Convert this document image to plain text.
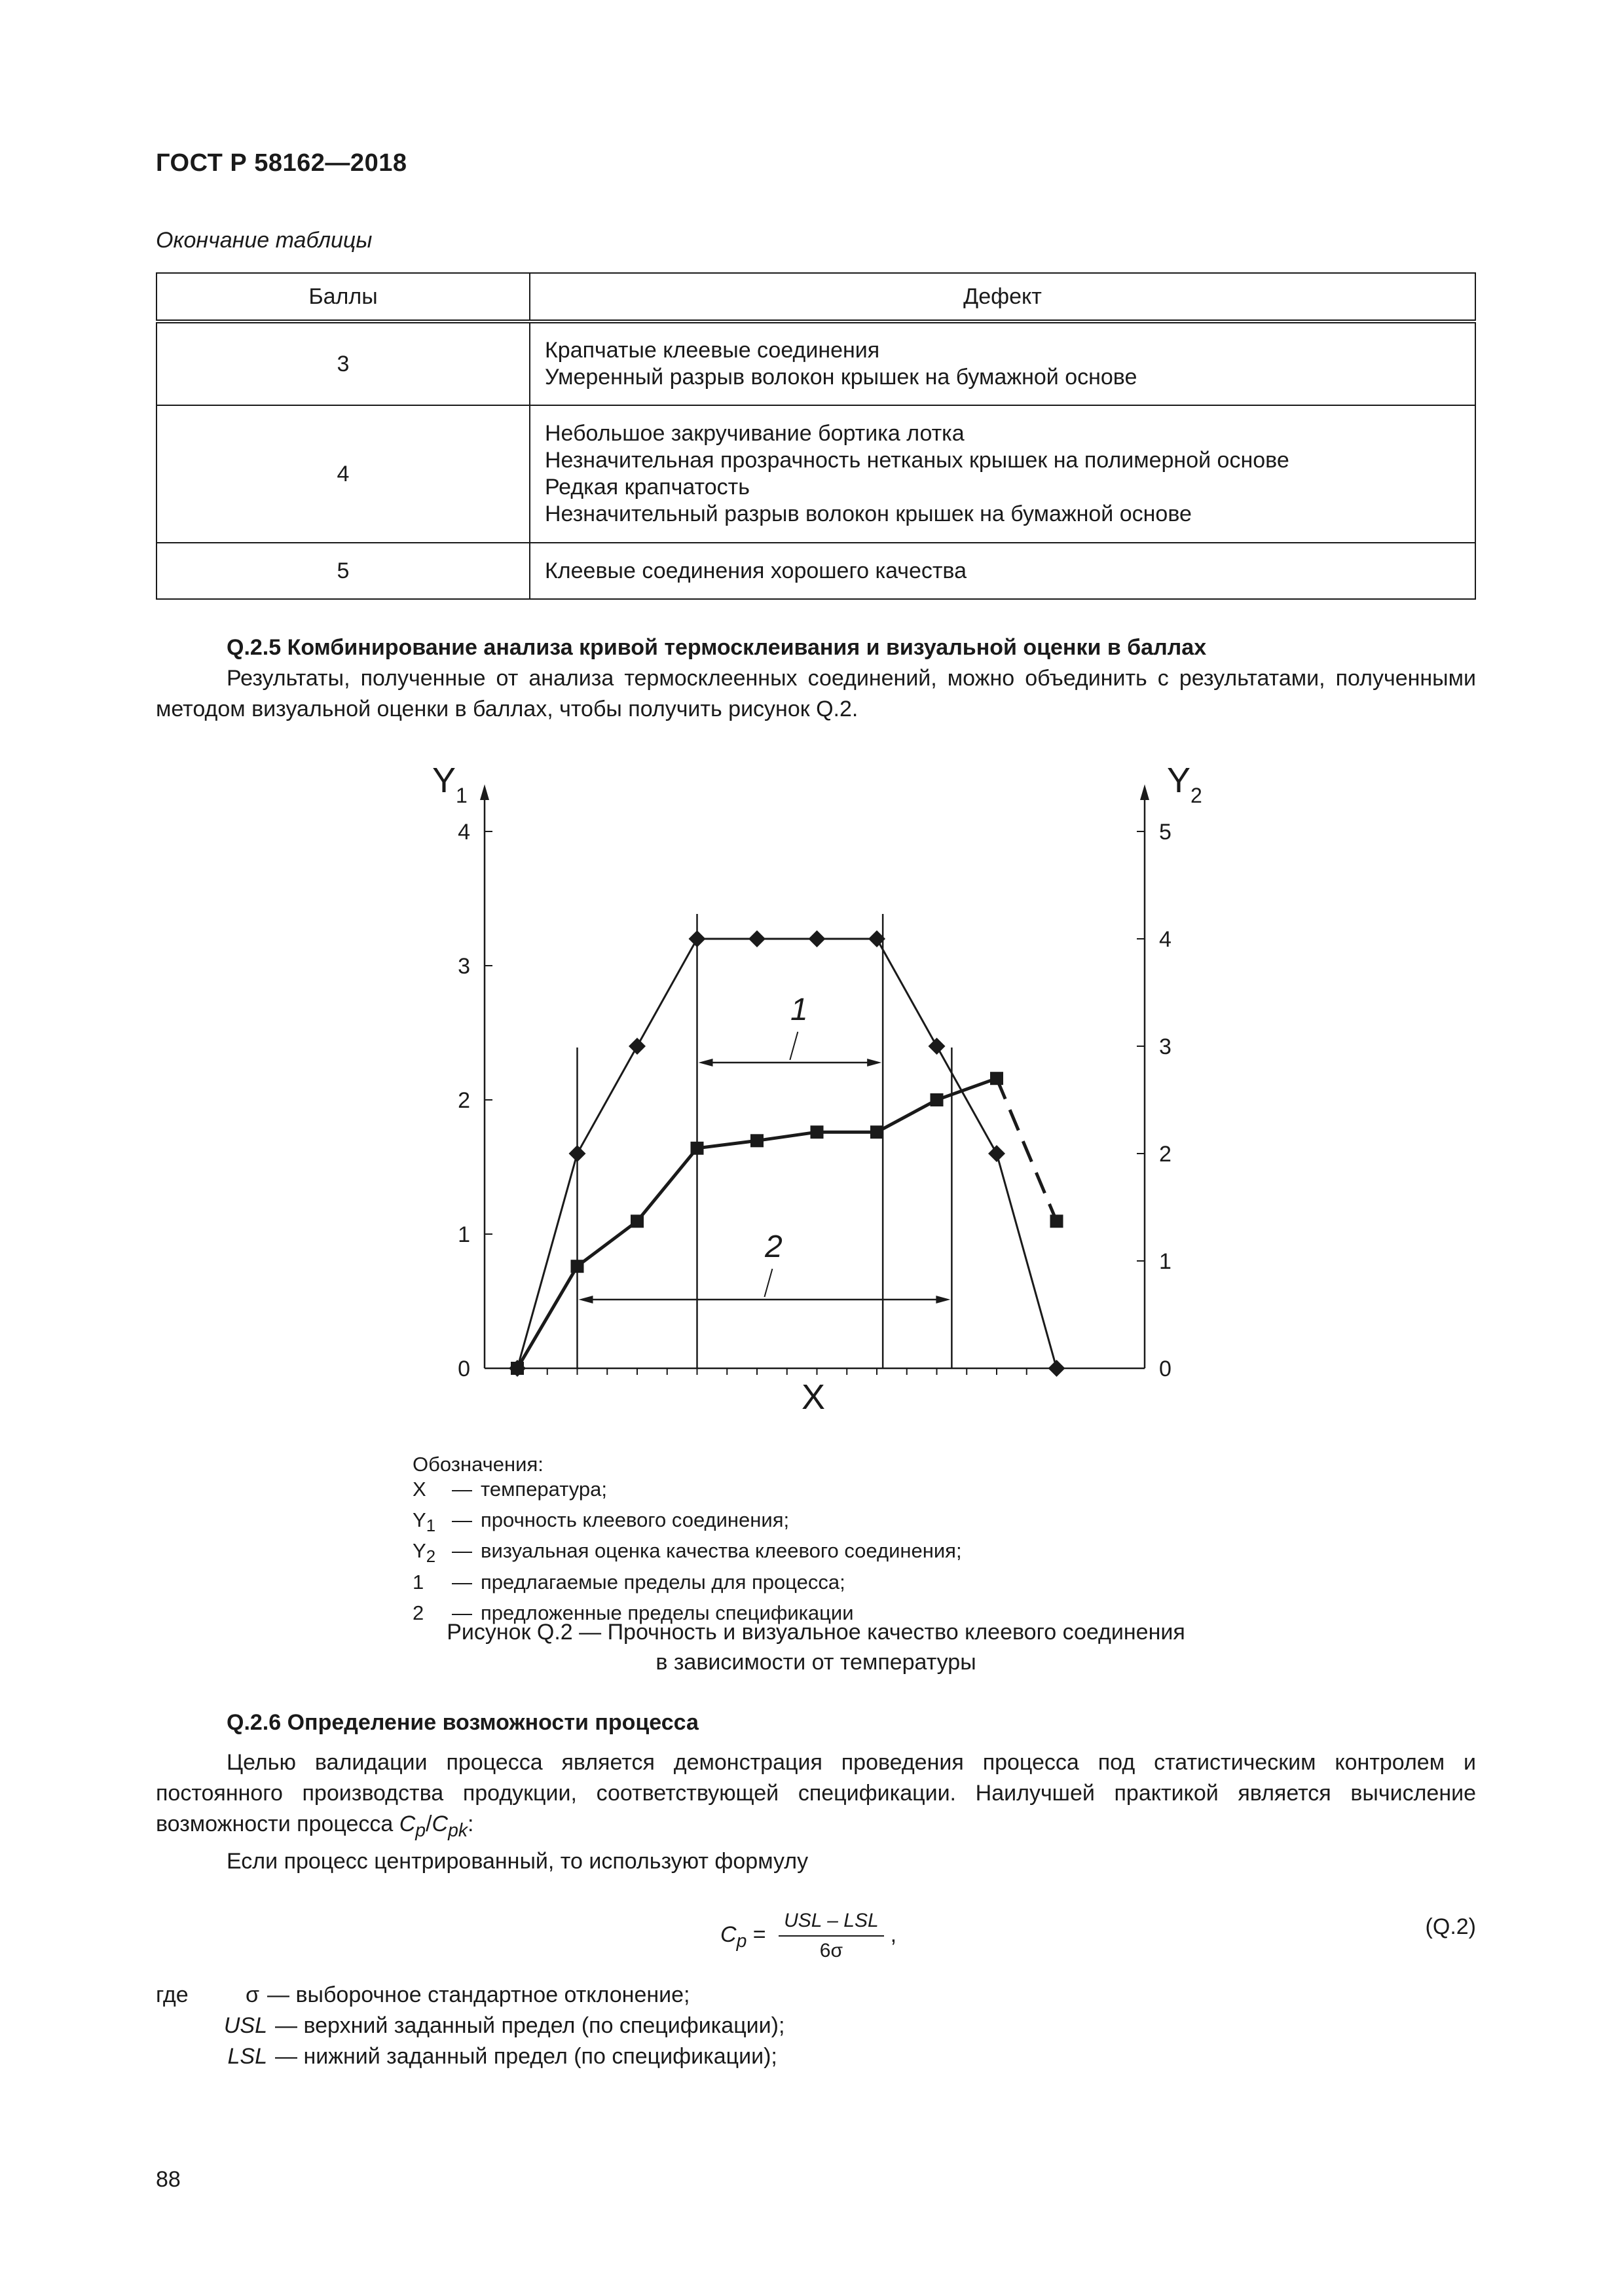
ГОСТ Р 58162—2018
Окончание таблицы
Баллы	Дефект
3	Крапчатые клеевые соединения
Умеренный разрыв волокон крышек на бумажной основе

4	Небольшое закручивание бортика лотка
Незначительная прозрачность нетканых крышек на полимерной основе
Редкая крапчатость
Незначительный разрыв волокон крышек на бумажной основе

5	Клеевые соединения хорошего качества
Q.2.5 Комбинирование анализа кривой термосклеивания и визуальной оценки в баллах
Результаты, полученные от анализа термосклеенных соединений, можно объединить с результатами, полученными методом визуальной оценки в баллах, чтобы получить рисунок Q.2.
$Y_1$	$Y_2$
X
0
1
2
3
4
0
1
2
3
4
5
1
2
Обозначения:
X	— температура;
$Y_1$ — прочность клеевого соединения;
$Y_2$ — визуальная оценка качества клеевого соединения;
1	— предлагаемые пределы для процесса;
2	— предложенные пределы спецификации
Рисунок Q.2 — Прочность и визуальное качество клеевого соединения
в зависимости от температуры
Q.2.6 Определение возможности процесса
Целью валидации процесса является демонстрация проведения процесса под статистическим контролем и постоянного производства продукции, соответствующей спецификации. Наилучшей практикой является вычисление возможности процесса $C_p/C_{pk}$:
Если процесс центрированный, то используют формулу
$C_p = \frac{\text{USL – LSL}}{6\sigma}$ ,	(Q.2)
где	σ — выборочное стандартное отклонение;
USL — верхний заданный предел (по спецификации);
LSL — нижний заданный предел (по спецификации);
88
